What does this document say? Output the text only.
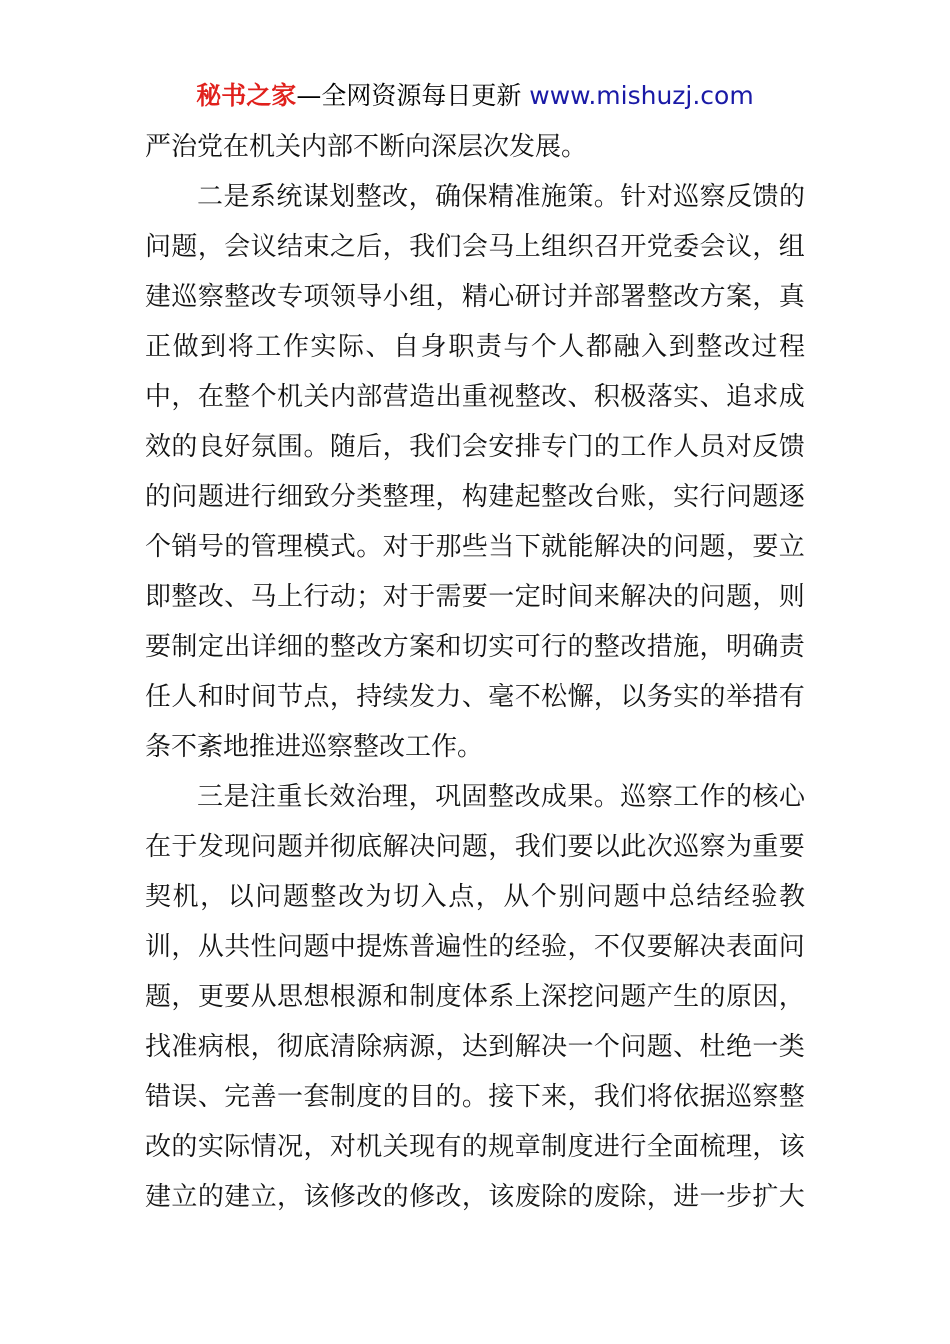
秘书之家—全网资源每日更新 www.mishuzj.com
严治党在机关内部不断向深层次发展。
二 是 系 统 谋 划 整 改 ， 确 保 精 准 施 策 。 针 对 巡 察 反 馈 的
问 题 ， 会 议 结 束 之 后 ， 我 们 会 马 上 组 织 召 开 党 委 会 议 ， 组
建 巡 察 整 改 专 项 领 导 小 组 ， 精 心 研 讨 并 部 署 整 改 方 案 ， 真
正 做 到 将 工 作 实 际 、 自 身 职 责 与 个 人 都 融 入 到 整 改 过 程
中 ， 在 整 个 机 关 内 部 营 造 出 重 视 整 改 、 积 极 落 实 、 追 求 成
效 的 良 好 氛 围 。 随 后 ， 我 们 会 安 排 专 门 的 工 作 人 员 对 反 馈
的 问 题 进 行 细 致 分 类 整 理 ， 构 建 起 整 改 台 账 ， 实 行 问 题 逐
个 销 号 的 管 理 模 式 。 对 于 那 些 当 下 就 能 解 决 的 问 题 ， 要 立
即 整 改 、 马 上 行 动 ； 对 于 需 要 一 定 时 间 来 解 决 的 问 题 ， 则
要 制 定 出 详 细 的 整 改 方 案 和 切 实 可 行 的 整 改 措 施 ， 明 确 责
任 人 和 时 间 节 点 ， 持 续 发 力 、 毫 不 松 懈 ， 以 务 实 的 举 措 有
条不紊地推进巡察整改工作。
三 是 注 重 长 效 治 理 ， 巩 固 整 改 成 果 。 巡 察 工 作 的 核 心
在 于 发 现 问 题 并 彻 底 解 决 问 题 ， 我 们 要 以 此 次 巡 察 为 重 要
契 机 ， 以 问 题 整 改 为 切 入 点 ， 从 个 别 问 题 中 总 结 经 验 教
训 ， 从 共 性 问 题 中 提 炼 普 遍 性 的 经 验 ， 不 仅 要 解 决 表 面 问
题 ， 更 要 从 思 想 根 源 和 制 度 体 系 上 深 挖 问 题 产 生 的 原 因 ，
找 准 病 根 ， 彻 底 清 除 病 源 ， 达 到 解 决 一 个 问 题 、 杜 绝 一 类
错 误 、 完 善 一 套 制 度 的 目 的 。 接 下 来 ， 我 们 将 依 据 巡 察 整
改 的 实 际 情 况 ， 对 机 关 现 有 的 规 章 制 度 进 行 全 面 梳 理 ， 该
建 立 的 建 立 ， 该 修 改 的 修 改 ， 该 废 除 的 废 除 ， 进 一 步 扩 大
